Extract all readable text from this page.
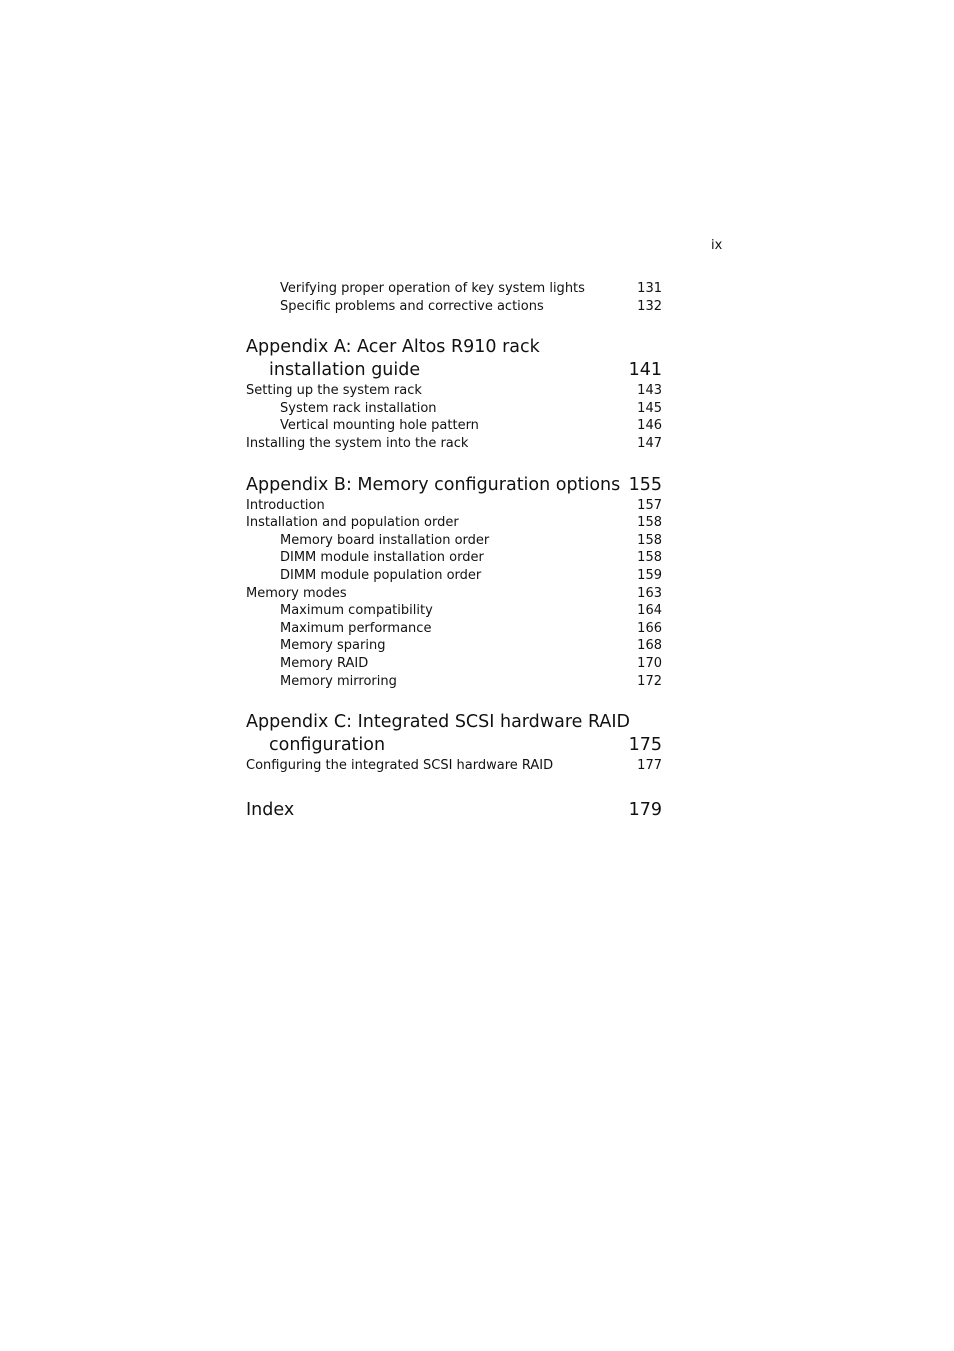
ix
Verifying proper operation of key system lights	131
Specific problems and corrective actions	132
Appendix A: Acer Altos R910 rack
installation guide	141
Setting up the system rack	143
System rack installation	145
Vertical mounting hole pattern	146
Installing the system into the rack	147
Appendix B: Memory configuration options 155
Introduction	157
Installation and population order	158
Memory board installation order	158
DIMM module installation order	158
DIMM module population order	159
Memory modes	163
Maximum compatibility	164
Maximum performance	166
Memory sparing	168
Memory RAID	170
Memory mirroring	172
Appendix C: Integrated SCSI hardware RAID
configuration	175
Configuring the integrated SCSI hardware RAID	177
Index	179
